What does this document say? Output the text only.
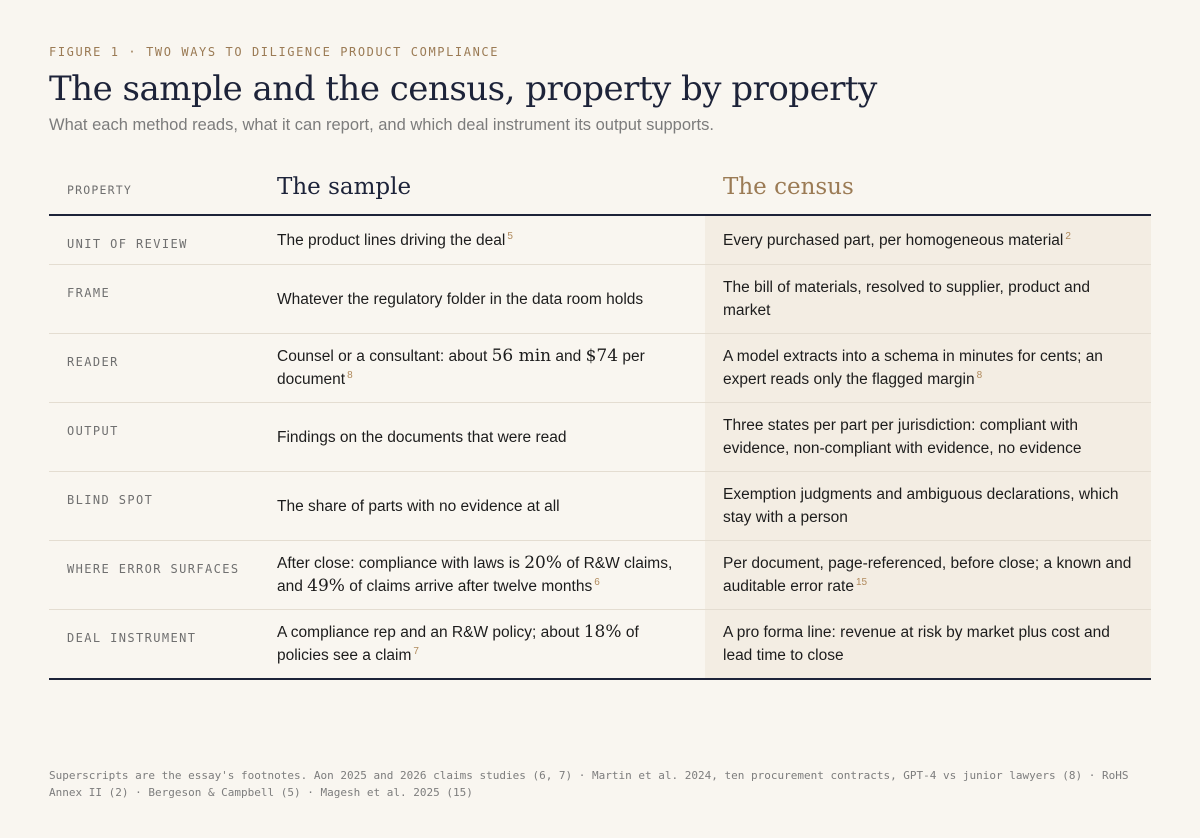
FIGURE 1 · TWO WAYS TO DILIGENCE PRODUCT COMPLIANCE

The sample and the census, property by property

What each method reads, what it can report, and which deal instrument its output supports.

PROPERTY	The sample	The census
UNIT OF REVIEW	The product lines driving the deal $^5$	Every purchased part, per homogeneous material $^2$
FRAME	Whatever the regulatory folder in the data room holds	The bill of materials, resolved to supplier, product and market
READER	Counsel or a consultant: about 56 min and $74 per document $^8$	A model extracts into a schema in minutes for cents; an expert reads only the flagged margin $^8$
OUTPUT	Findings on the documents that were read	Three states per part per jurisdiction: compliant with evidence, non-compliant with evidence, no evidence
BLIND SPOT	The share of parts with no evidence at all	Exemption judgments and ambiguous declarations, which stay with a person
WHERE ERROR SURFACES	After close: compliance with laws is 20% of R&W claims, and 49% of claims arrive after twelve months $^6$	Per document, page-referenced, before close; a known and auditable error rate $^{15}$
DEAL INSTRUMENT	A compliance rep and an R&W policy; about 18% of policies see a claim $^7$	A pro forma line: revenue at risk by market plus cost and lead time to close
Superscripts are the essay's footnotes. Aon 2025 and 2026 claims studies (6, 7) · Martin et al. 2024, ten procurement contracts, GPT-4 vs junior lawyers (8) · RoHS Annex II (2) · Bergeson & Campbell (5) · Magesh et al. 2025 (15)
